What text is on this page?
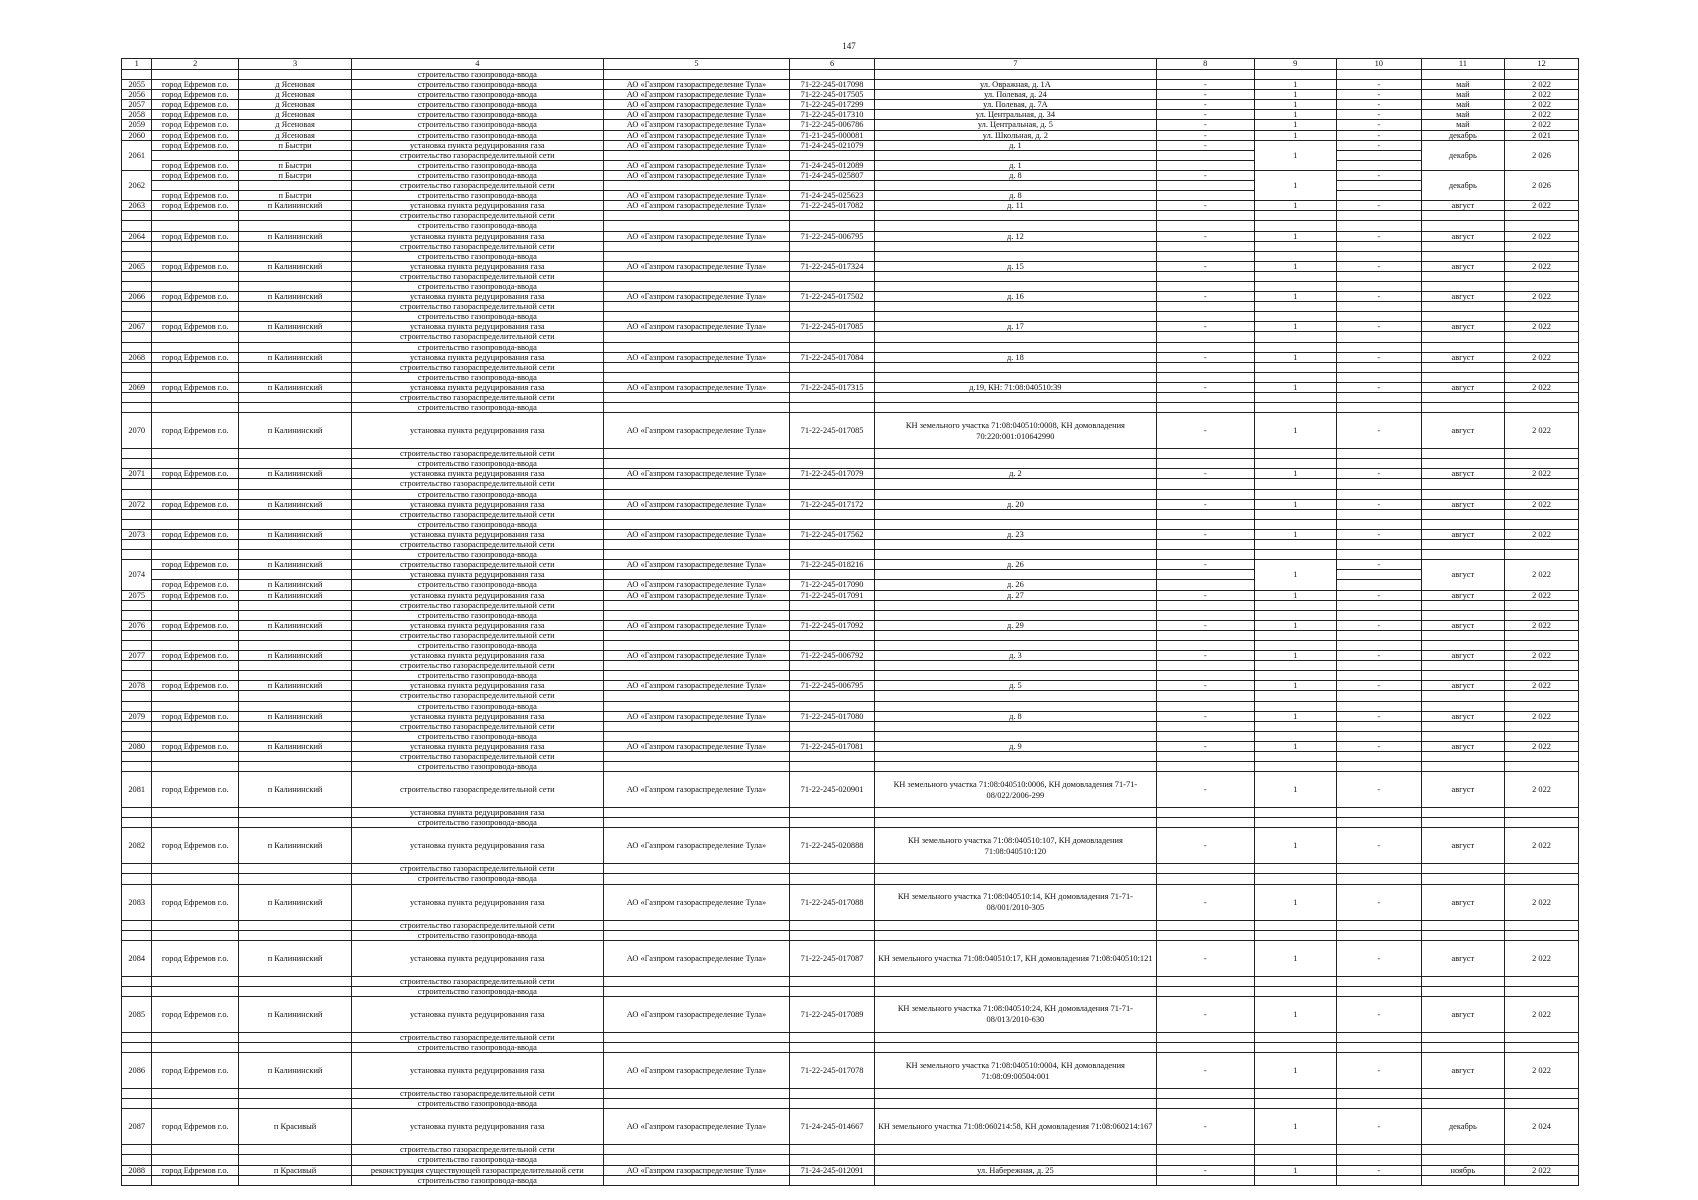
147
1	2	3	4	5	6	7	8	9	10	11	12
			строительство газопровода-ввода								
2055	город Ефремов г.о.	д Ясеновая	строительство газопровода-ввода	АО «Газпром газораспределение Тула»	71-22-245-017098	ул. Овражная, д. 1А	-	1	-	май	2 022
2056	город Ефремов г.о.	д Ясеновая	строительство газопровода-ввода	АО «Газпром газораспределение Тула»	71-22-245-017505	ул. Полевая, д. 24	-	1	-	май	2 022
2057	город Ефремов г.о.	д Ясеновая	строительство газопровода-ввода	АО «Газпром газораспределение Тула»	71-22-245-017299	ул. Полевая, д. 7А	-	1	-	май	2 022
2058	город Ефремов г.о.	д Ясеновая	строительство газопровода-ввода	АО «Газпром газораспределение Тула»	71-22-245-017310	ул. Центральная, д. 34	-	1	-	май	2 022
2059	город Ефремов г.о.	д Ясеновая	строительство газопровода-ввода	АО «Газпром газораспределение Тула»	71-22-245-006786	ул. Центральная, д. 5	-	1	-	май	2 022
2060	город Ефремов г.о.	д Ясеновая	строительство газопровода-ввода	АО «Газпром газораспределение Тула»	71-21-245-000081	ул. Школьная, д. 2	-	1	-	декабрь	2 021
2061	город Ефремов г.о.	п Быстри	установка пункта редуцирования газа	АО «Газпром газораспределение Тула»	71-24-245-021079	д. 1	-	1	-	декабрь	2 026
			строительство газораспределительной сети								
	город Ефремов г.о.	п Быстри	строительство газопровода-ввода	АО «Газпром газораспределение Тула»	71-24-245-012089	д. 1					
2062	город Ефремов г.о.	п Быстри	строительство газопровода-ввода	АО «Газпром газораспределение Тула»	71-24-245-025807	д. 8	-	1	-	декабрь	2 026
			строительство газораспределительной сети								
	город Ефремов г.о.	п Быстри	строительство газопровода-ввода	АО «Газпром газораспределение Тула»	71-24-245-025623	д. 8					
2063	город Ефремов г.о.	п Калининский	установка пункта редуцирования газа	АО «Газпром газораспределение Тула»	71-22-245-017082	д. 11	-	1	-	август	2 022
			строительство газораспределительной сети								
			строительство газопровода-ввода								
2064	город Ефремов г.о.	п Калининский	установка пункта редуцирования газа	АО «Газпром газораспределение Тула»	71-22-245-006795	д. 12	-	1	-	август	2 022
			строительство газораспределительной сети								
			строительство газопровода-ввода								
2065	город Ефремов г.о.	п Калининский	установка пункта редуцирования газа	АО «Газпром газораспределение Тула»	71-22-245-017324	д. 15	-	1	-	август	2 022
			строительство газораспределительной сети								
			строительство газопровода-ввода								
2066	город Ефремов г.о.	п Калининский	установка пункта редуцирования газа	АО «Газпром газораспределение Тула»	71-22-245-017502	д. 16	-	1	-	август	2 022
			строительство газораспределительной сети								
			строительство газопровода-ввода								
2067	город Ефремов г.о.	п Калининский	установка пункта редуцирования газа	АО «Газпром газораспределение Тула»	71-22-245-017085	д. 17	-	1	-	август	2 022
			строительство газораспределительной сети								
			строительство газопровода-ввода								
2068	город Ефремов г.о.	п Калининский	установка пункта редуцирования газа	АО «Газпром газораспределение Тула»	71-22-245-017084	д. 18	-	1	-	август	2 022
			строительство газораспределительной сети								
			строительство газопровода-ввода								
2069	город Ефремов г.о.	п Калининский	установка пункта редуцирования газа	АО «Газпром газораспределение Тула»	71-22-245-017315	д.19, КН: 71:08:040510:39	-	1	-	август	2 022
			строительство газораспределительной сети								
			строительство газопровода-ввода								
2070	город Ефремов г.о.	п Калининский	установка пункта редуцирования газа	АО «Газпром газораспределение Тула»	71-22-245-017085	КН земельного участка 71:08:040510:0008, КН домовладения 70:220:001:010642990	-	1	-	август	2 022
			строительство газораспределительной сети								
			строительство газопровода-ввода								
2071	город Ефремов г.о.	п Калининский	установка пункта редуцирования газа	АО «Газпром газораспределение Тула»	71-22-245-017079	д. 2	-	1	-	август	2 022
			строительство газораспределительной сети								
			строительство газопровода-ввода								
2072	город Ефремов г.о.	п Калининский	установка пункта редуцирования газа	АО «Газпром газораспределение Тула»	71-22-245-017172	д. 20	-	1	-	август	2 022
			строительство газораспределительной сети								
			строительство газопровода-ввода								
2073	город Ефремов г.о.	п Калининский	установка пункта редуцирования газа	АО «Газпром газораспределение Тула»	71-22-245-017562	д. 23	-	1	-	август	2 022
			строительство газораспределительной сети								
			строительство газопровода-ввода								
2074	город Ефремов г.о.	п Калининский	строительство газораспределительной сети	АО «Газпром газораспределение Тула»	71-22-245-018216	д. 26	-	1	-	август	2 022
			установка пункта редуцирования газа								
	город Ефремов г.о.	п Калининский	строительство газопровода-ввода	АО «Газпром газораспределение Тула»	71-22-245-017090	д. 26					
2075	город Ефремов г.о.	п Калининский	установка пункта редуцирования газа	АО «Газпром газораспределение Тула»	71-22-245-017091	д. 27	-	1	-	август	2 022
			строительство газораспределительной сети								
			строительство газопровода-ввода								
2076	город Ефремов г.о.	п Калининский	установка пункта редуцирования газа	АО «Газпром газораспределение Тула»	71-22-245-017092	д. 29	-	1	-	август	2 022
			строительство газораспределительной сети								
			строительство газопровода-ввода								
2077	город Ефремов г.о.	п Калининский	установка пункта редуцирования газа	АО «Газпром газораспределение Тула»	71-22-245-006792	д. 3	-	1	-	август	2 022
			строительство газораспределительной сети								
			строительство газопровода-ввода								
2078	город Ефремов г.о.	п Калининский	установка пункта редуцирования газа	АО «Газпром газораспределение Тула»	71-22-245-006795	д. 5	-	1	-	август	2 022
			строительство газораспределительной сети								
			строительство газопровода-ввода								
2079	город Ефремов г.о.	п Калининский	установка пункта редуцирования газа	АО «Газпром газораспределение Тула»	71-22-245-017080	д. 8	-	1	-	август	2 022
			строительство газораспределительной сети								
			строительство газопровода-ввода								
2080	город Ефремов г.о.	п Калининский	установка пункта редуцирования газа	АО «Газпром газораспределение Тула»	71-22-245-017081	д. 9	-	1	-	август	2 022
			строительство газораспределительной сети								
			строительство газопровода-ввода								
2081	город Ефремов г.о.	п Калининский	строительство газораспределительной сети	АО «Газпром газораспределение Тула»	71-22-245-020901	КН земельного участка 71:08:040510:0006, КН домовладения 71-71-08/022/2006-299	-	1	-	август	2 022
			установка пункта редуцирования газа								
			строительство газопровода-ввода								
2082	город Ефремов г.о.	п Калининский	установка пункта редуцирования газа	АО «Газпром газораспределение Тула»	71-22-245-020888	КН земельного участка 71:08:040510:107, КН домовладения 71:08:040510:120	-	1	-	август	2 022
			строительство газораспределительной сети								
			строительство газопровода-ввода								
2083	город Ефремов г.о.	п Калининский	установка пункта редуцирования газа	АО «Газпром газораспределение Тула»	71-22-245-017088	КН земельного участка 71:08:040510:14, КН домовладения 71-71-08/001/2010-305	-	1	-	август	2 022
			строительство газораспределительной сети								
			строительство газопровода-ввода								
2084	город Ефремов г.о.	п Калининский	установка пункта редуцирования газа	АО «Газпром газораспределение Тула»	71-22-245-017087	КН земельного участка 71:08:040510:17, КН домовладения 71:08:040510:121	-	1	-	август	2 022
			строительство газораспределительной сети								
			строительство газопровода-ввода								
2085	город Ефремов г.о.	п Калининский	установка пункта редуцирования газа	АО «Газпром газораспределение Тула»	71-22-245-017089	КН земельного участка 71:08:040510:24, КН домовладения 71-71-08/013/2010-630	-	1	-	август	2 022
			строительство газораспределительной сети								
			строительство газопровода-ввода								
2086	город Ефремов г.о.	п Калининский	установка пункта редуцирования газа	АО «Газпром газораспределение Тула»	71-22-245-017078	КН земельного участка 71:08:040510:0004, КН домовладения 71:08:09:00504:001	-	1	-	август	2 022
			строительство газораспределительной сети								
			строительство газопровода-ввода								
2087	город Ефремов г.о.	п Красивый	установка пункта редуцирования газа	АО «Газпром газораспределение Тула»	71-24-245-014667	КН земельного участка 71:08:060214:58, КН домовладения 71:08:060214:167	-	1	-	декабрь	2 024
			строительство газораспределительной сети								
			строительство газопровода-ввода								
2088	город Ефремов г.о.	п Красивый	реконструкция существующей газораспределительной сети	АО «Газпром газораспределение Тула»	71-24-245-012091	ул. Набережная, д. 25	-	1	-	ноябрь	2 022
			строительство газопровода-ввода								
